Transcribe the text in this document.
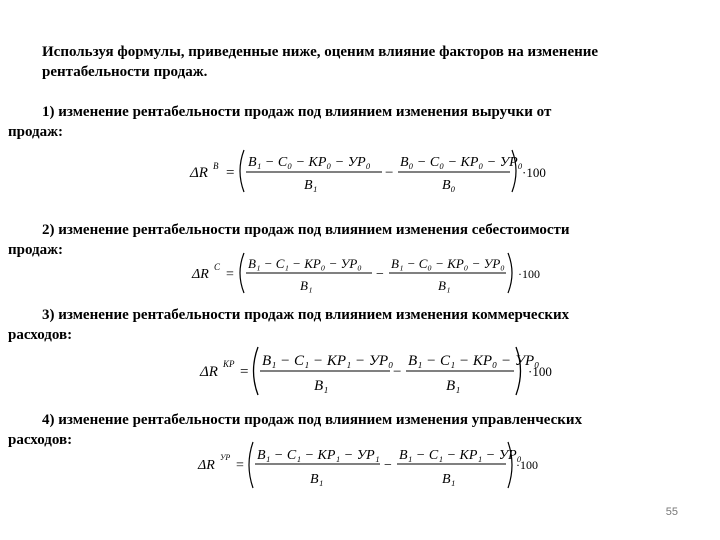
Используя формулы, приведенные ниже, оценим влияние факторов на изменение
рентабельности продаж.
1) изменение рентабельности продаж под влиянием изменения выручки от
продаж:
ΔR B =
B₁ − C₀ − KP₀ − УP₀
B₁
−
B₀ − C₀ − KP₀ − УP₀
B₀
·100
2) изменение рентабельности продаж под влиянием изменения себестоимости
продаж:
ΔR C =
B₁ − C₁ − KP₀ − УP₀
B₁
−
B₁ − C₀ − KP₀ − УP₀
B₁
·100
3) изменение рентабельности продаж под влиянием изменения коммерческих
расходов:
ΔR KP =
B₁ − C₁ − KP₁ − УP₀
B₁
−
B₁ − C₁ − KP₀ − УP₀
B₁
·100
4) изменение рентабельности продаж под влиянием изменения управленческих
расходов:
ΔR
УP
=
B₁ − C₁ − KP₁ − УP₁
B₁
−
B₁ − C₁ − KP₁ − УP₀
B₁
·100
55
